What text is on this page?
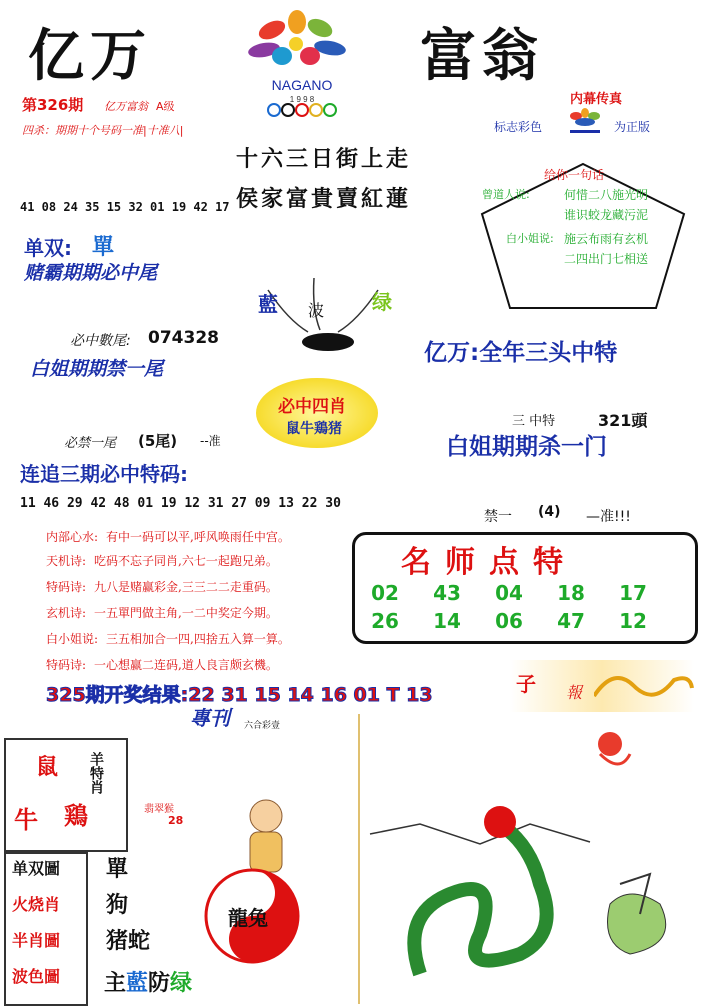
亿万	富翁
NAGANO
1 9 9 8
第326期 亿万富翁 A级
四杀：期期十个号码一准|十准八|
内幕传真
标志彩色	为正版
十六三日街上走
侯家富貴賣紅蓮
给你一句话
曾道人说:	何惜二八施光明
谁识蛟龙藏污泥
白小姐说: 施云布雨有玄机
二四出门七相送
41 08 24 35 15 32 01 19 42 17
单双: 單
赌霸期期必中尾
藍 波 绿
必中數尾: 074328
白姐期期禁一尾
亿万:全年三头中特
必中四肖
鼠牛鶏猪	三 中特	321頭
必禁一尾 (5尾) --准	白姐期期杀一门
连追三期必中特码:
11 46 29 42 48 01 19 12 31 27 09 13 22 30
禁一 (4) —准!!!
内部心水: 有中一码可以平,呼风唤雨任中宫。
天机诗: 吃码不忘子同肖,六七一起跑兄弟。
特码诗: 九八是赌赢彩金,三三二二走重码。
玄机诗: 一五單門做主角,一二中奖定今期。
白小姐说: 三五相加合一四,四捨五入算一算。
特码诗: 一心想赢二连码,道人良言颇玄機。
名师点特
02	43	04	18	17
26	14	06	47	12
325期开奖结果:22 31 15 14 16 01 T 13
專刊 六合彩壹
子 報
鼠
牛 鶏
羊特肖
翡翠猴
28
单双圖
火烧肖
半肖圖
波色圖
單
狗
猪蛇
龍兔
主藍防绿
